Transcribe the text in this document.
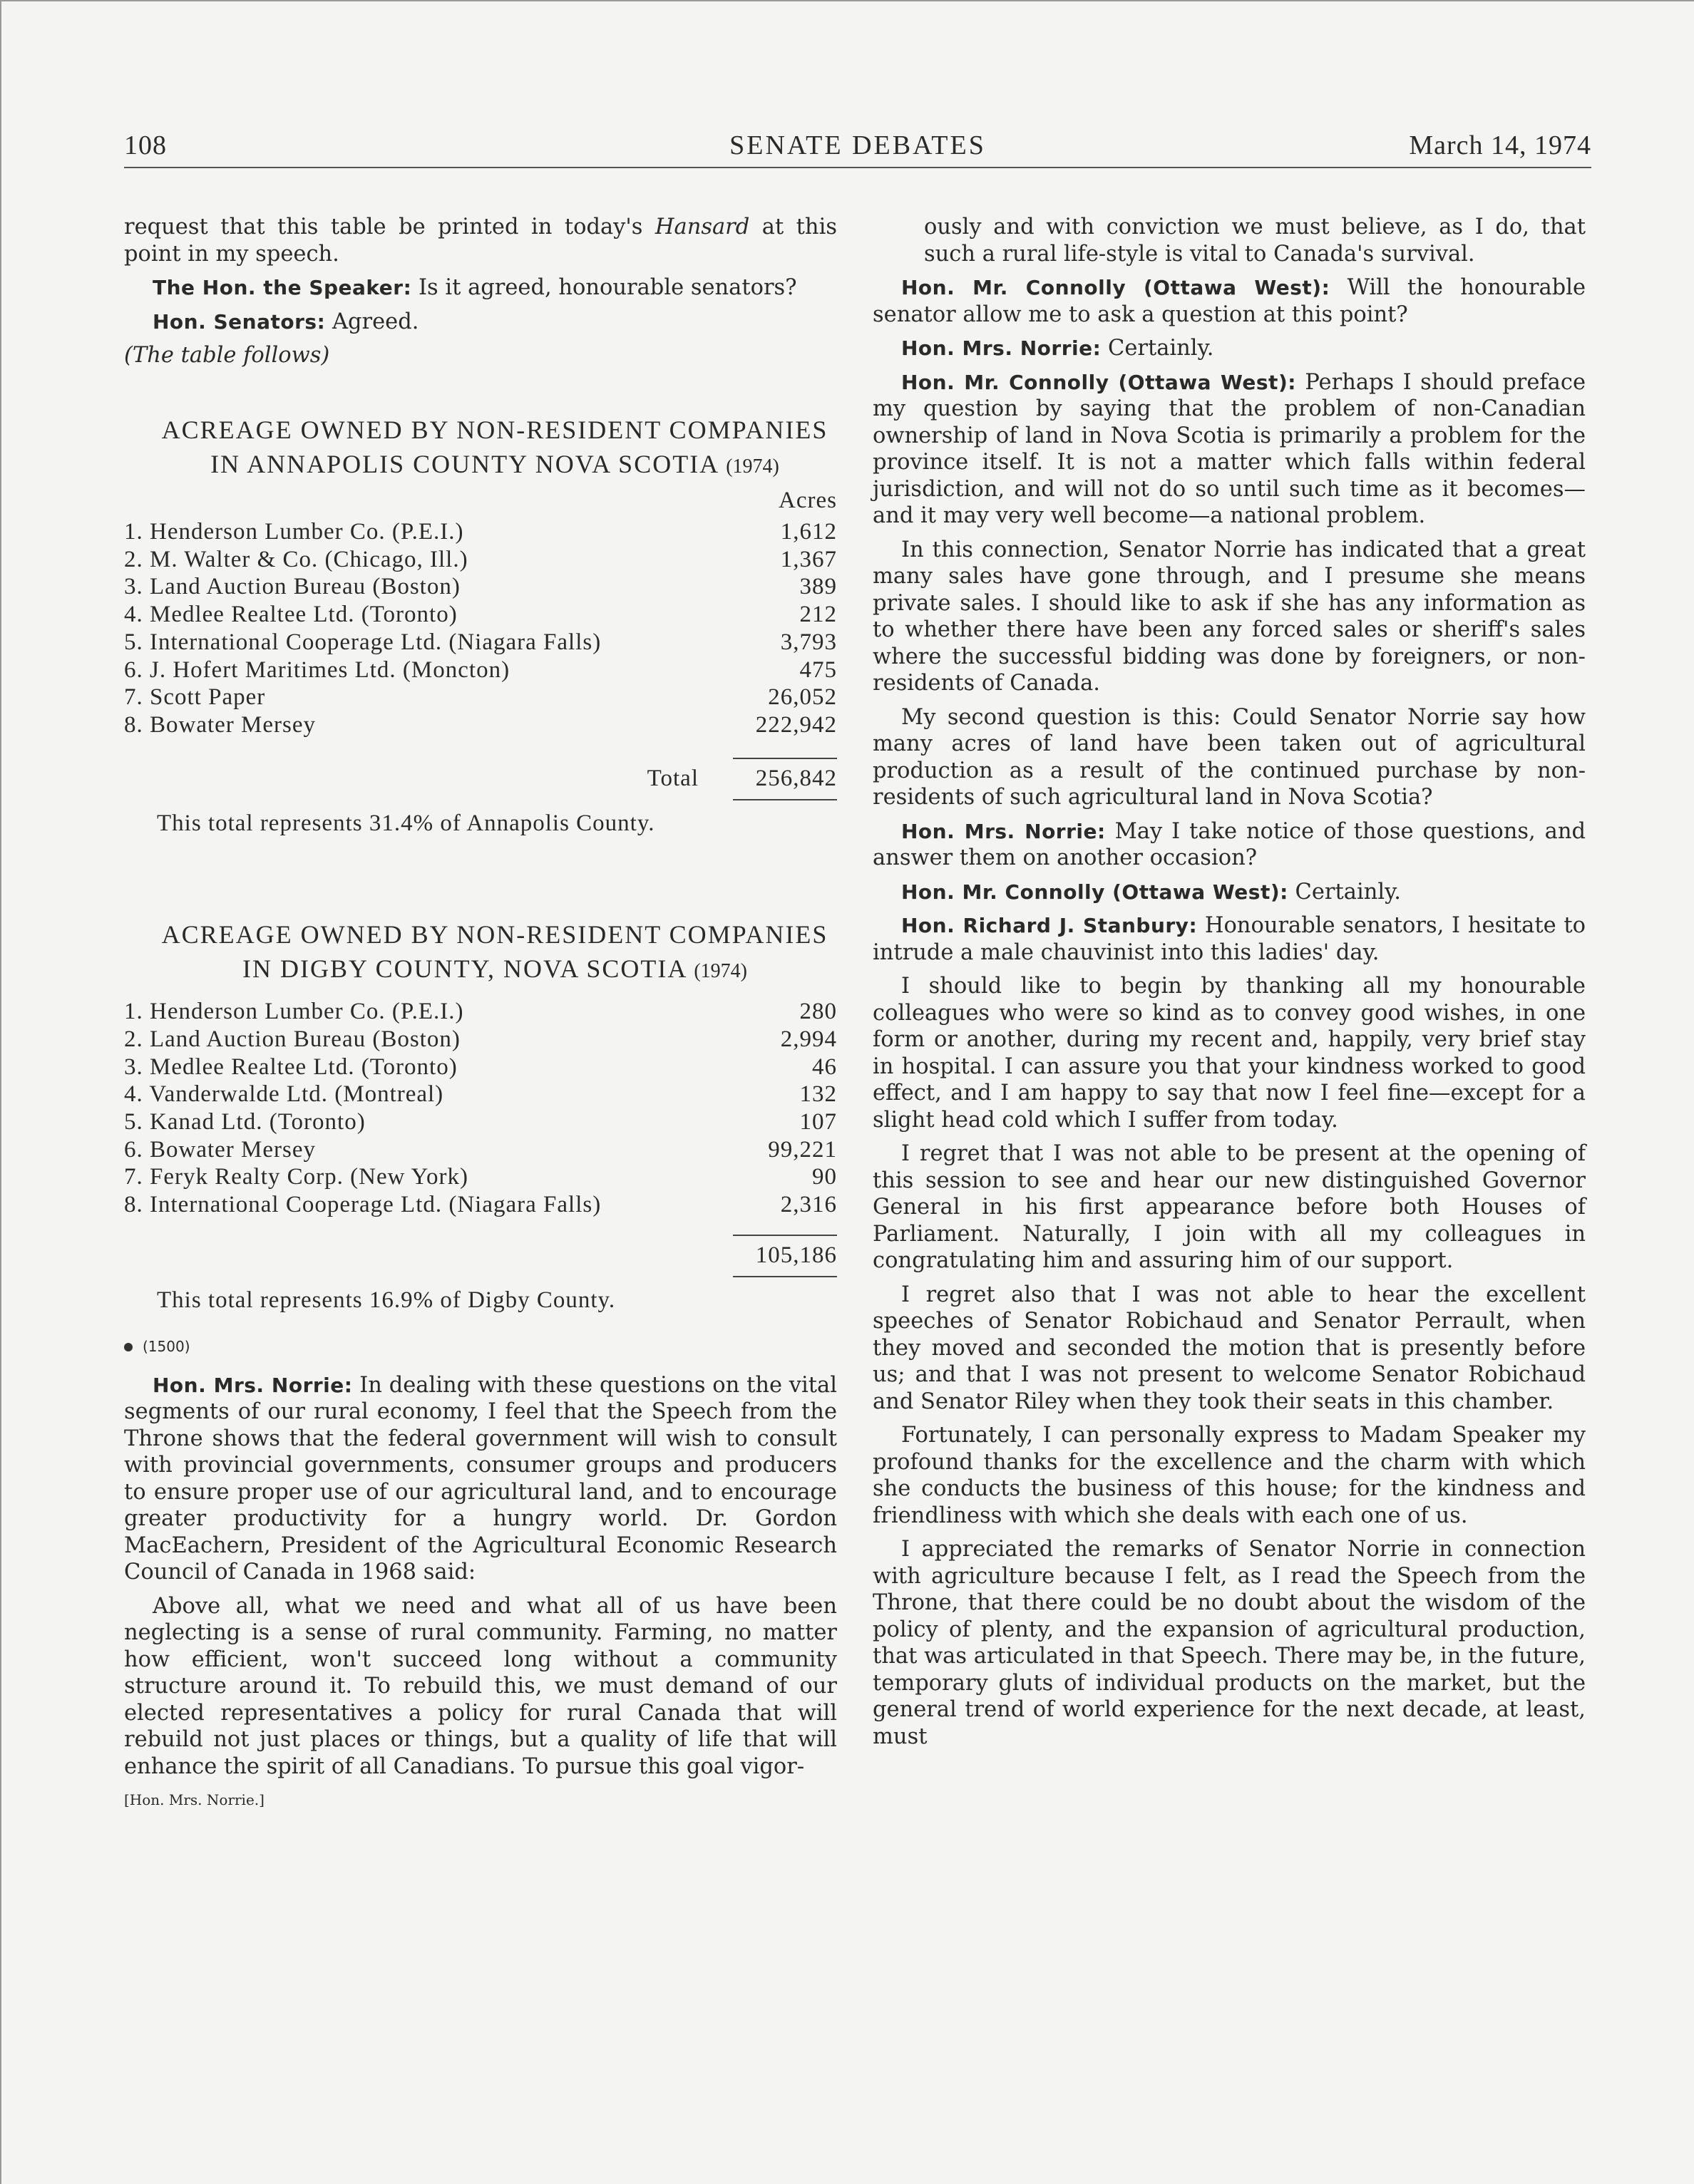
108	SENATE DEBATES	March 14, 1974

request that this table be printed in today's Hansard at this point in my speech.

The Hon. the Speaker: Is it agreed, honourable senators?

Hon. Senators: Agreed.

(The table follows)

ACREAGE OWNED BY NON-RESIDENT COMPANIES

IN ANNAPOLIS COUNTY NOVA SCOTIA (1974)

Acres
1. Henderson Lumber Co. (P.E.I.)	1,612
2. M. Walter & Co. (Chicago, Ill.)	1,367
3. Land Auction Bureau (Boston)	389
4. Medlee Realtee Ltd. (Toronto)	212
5. International Cooperage Ltd. (Niagara Falls)	3,793
6. J. Hofert Maritimes Ltd. (Moncton)	475
7. Scott Paper	26,052
8. Bowater Mersey	222,942
Total	256,842
This total represents 31.4% of Annapolis County.

ACREAGE OWNED BY NON-RESIDENT COMPANIES

IN DIGBY COUNTY, NOVA SCOTIA (1974)

1. Henderson Lumber Co. (P.E.I.)	280
2. Land Auction Bureau (Boston)	2,994
3. Medlee Realtee Ltd. (Toronto)	46
4. Vanderwalde Ltd. (Montreal)	132
5. Kanad Ltd. (Toronto)	107
6. Bowater Mersey	99,221
7. Feryk Realty Corp. (New York)	90
8. International Cooperage Ltd. (Niagara Falls)	2,316
105,186
This total represents 16.9% of Digby County.
(1500)

Hon. Mrs. Norrie: In dealing with these questions on the vital segments of our rural economy, I feel that the Speech from the Throne shows that the federal government will wish to consult with provincial governments, consumer groups and producers to ensure proper use of our agricultural land, and to encourage greater productivity for a hungry world. Dr. Gordon MacEachern, President of the Agricultural Economic Research Council of Canada in 1968 said:

Above all, what we need and what all of us have been neglecting is a sense of rural community. Farming, no matter how efficient, won't succeed long without a community structure around it. To rebuild this, we must demand of our elected representatives a policy for rural Canada that will rebuild not just places or things, but a quality of life that will enhance the spirit of all Canadians. To pursue this goal vigor-

[Hon. Mrs. Norrie.]

ously and with conviction we must believe, as I do, that such a rural life-style is vital to Canada's survival.

Hon. Mr. Connolly (Ottawa West): Will the honourable senator allow me to ask a question at this point?

Hon. Mrs. Norrie: Certainly.

Hon. Mr. Connolly (Ottawa West): Perhaps I should preface my question by saying that the problem of non-Canadian ownership of land in Nova Scotia is primarily a problem for the province itself. It is not a matter which falls within federal jurisdiction, and will not do so until such time as it becomes—and it may very well become—a national problem.

In this connection, Senator Norrie has indicated that a great many sales have gone through, and I presume she means private sales. I should like to ask if she has any information as to whether there have been any forced sales or sheriff's sales where the successful bidding was done by foreigners, or non-residents of Canada.

My second question is this: Could Senator Norrie say how many acres of land have been taken out of agricultural production as a result of the continued purchase by non-residents of such agricultural land in Nova Scotia?

Hon. Mrs. Norrie: May I take notice of those questions, and answer them on another occasion?

Hon. Mr. Connolly (Ottawa West): Certainly.

Hon. Richard J. Stanbury: Honourable senators, I hesitate to intrude a male chauvinist into this ladies' day.

I should like to begin by thanking all my honourable colleagues who were so kind as to convey good wishes, in one form or another, during my recent and, happily, very brief stay in hospital. I can assure you that your kindness worked to good effect, and I am happy to say that now I feel fine—except for a slight head cold which I suffer from today.

I regret that I was not able to be present at the opening of this session to see and hear our new distinguished Governor General in his first appearance before both Houses of Parliament. Naturally, I join with all my colleagues in congratulating him and assuring him of our support.

I regret also that I was not able to hear the excellent speeches of Senator Robichaud and Senator Perrault, when they moved and seconded the motion that is presently before us; and that I was not present to welcome Senator Robichaud and Senator Riley when they took their seats in this chamber.

Fortunately, I can personally express to Madam Speaker my profound thanks for the excellence and the charm with which she conducts the business of this house; for the kindness and friendliness with which she deals with each one of us.

I appreciated the remarks of Senator Norrie in connection with agriculture because I felt, as I read the Speech from the Throne, that there could be no doubt about the wisdom of the policy of plenty, and the expansion of agricultural production, that was articulated in that Speech. There may be, in the future, temporary gluts of individual products on the market, but the general trend of world experience for the next decade, at least, must
